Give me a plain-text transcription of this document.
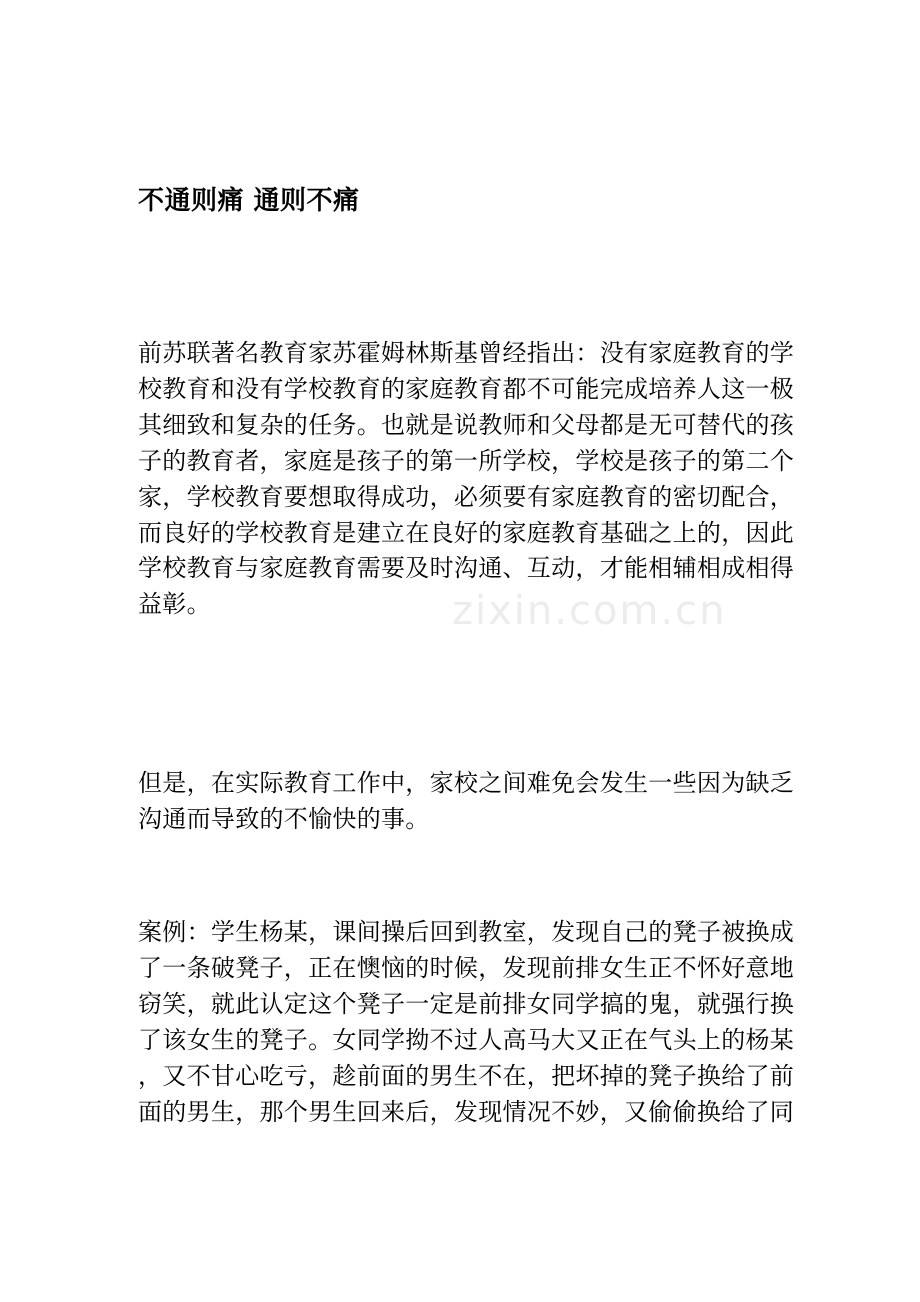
zixin.com.cn
不通则痛 通则不痛
前苏联著名教育家苏霍姆林斯基曾经指出：没有家庭教育的学
校教育和没有学校教育的家庭教育都不可能完成培养人这一极
其细致和复杂的任务。也就是说教师和父母都是无可替代的孩
子的教育者，家庭是孩子的第一所学校，学校是孩子的第二个
家，学校教育要想取得成功，必须要有家庭教育的密切配合，
而良好的学校教育是建立在良好的家庭教育基础之上的，因此
学校教育与家庭教育需要及时沟通、互动，才能相辅相成相得
益彰。
但是，在实际教育工作中，家校之间难免会发生一些因为缺乏
沟通而导致的不愉快的事。
案例：学生杨某，课间操后回到教室，发现自己的凳子被换成
了一条破凳子，正在懊恼的时候，发现前排女生正不怀好意地
窃笑，就此认定这个凳子一定是前排女同学搞的鬼，就强行换
了该女生的凳子。女同学拗不过人高马大又正在气头上的杨某
，又不甘心吃亏，趁前面的男生不在，把坏掉的凳子换给了前
面的男生，那个男生回来后，发现情况不妙，又偷偷换给了同
